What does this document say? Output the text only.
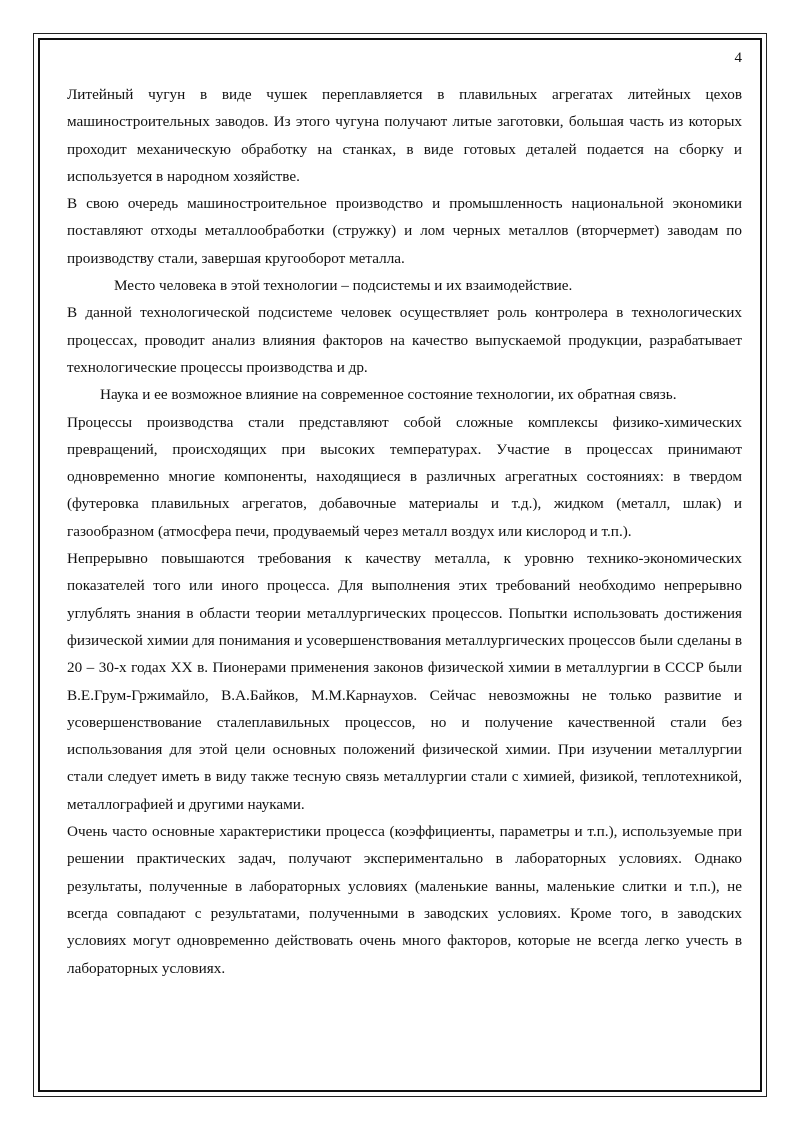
4

Литейный чугун в виде чушек переплавляется в плавильных агрегатах литейных цехов машиностроительных заводов. Из этого чугуна получают литые заготовки, большая часть из которых проходит механическую обработку на станках, в виде готовых деталей подается на сборку и используется в народном хозяйстве.

В свою очередь машиностроительное производство и промышленность национальной экономики поставляют отходы металлообработки (стружку) и лом черных металлов (вторчермет) заводам по производству стали, завершая кругооборот металла.

Место человека в этой технологии – подсистемы и их взаимодействие.

В данной технологической подсистеме человек осуществляет роль контролера в технологических процессах, проводит анализ влияния факторов на качество выпускаемой продукции, разрабатывает технологические процессы производства и др.

Наука и ее возможное влияние на современное состояние технологии, их обратная связь.

Процессы производства стали представляют собой сложные комплексы физико-химических превращений, происходящих при высоких температурах. Участие в процессах принимают одновременно многие компоненты, находящиеся в различных агрегатных состояниях: в твердом (футеровка плавильных агрегатов, добавочные материалы и т.д.), жидком (металл, шлак) и газообразном (атмосфера печи, продуваемый через металл воздух или кислород и т.п.).

Непрерывно повышаются требования к качеству металла, к уровню технико-экономических показателей того или иного процесса. Для выполнения этих требований необходимо непрерывно углублять знания в области теории металлургических процессов. Попытки использовать достижения физической химии для понимания и усовершенствования металлургических процессов были сделаны в 20 – 30-х годах XX в. Пионерами применения законов физической химии в металлургии в СССР были В.Е.Грум-Гржимайло, В.А.Байков, М.М.Карнаухов. Сейчас невозможны не только развитие и усовершенствование сталеплавильных процессов, но и получение качественной стали без использования для этой цели основных положений физической химии. При изучении металлургии стали следует иметь в виду также тесную связь металлургии стали с химией, физикой, теплотехникой, металлографией и другими науками.

Очень часто основные характеристики процесса (коэффициенты, параметры и т.п.), используемые при решении практических задач, получают экспериментально в лабораторных условиях. Однако результаты, полученные в лабораторных условиях (маленькие ванны, маленькие слитки и т.п.), не всегда совпадают с результатами, полученными в заводских условиях. Кроме того, в заводских условиях могут одновременно действовать очень много факторов, которые не всегда легко учесть в лабораторных условиях.
